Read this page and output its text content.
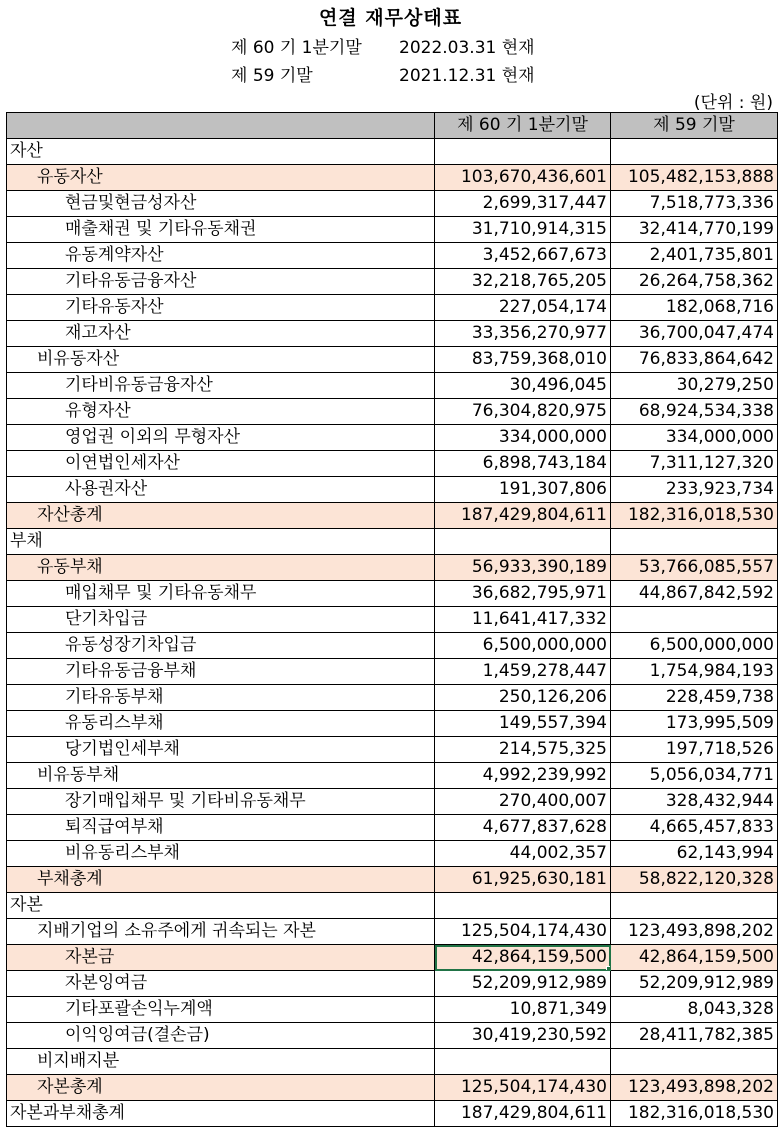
연결 재무상태표
제 60 기 1분기말 2022.03.31 현재
제 59 기말	2021.12.31 현재
(단위 : 원)
	제 60 기 1분기말	제 59 기말
자산		
유동자산	103,670,436,601	105,482,153,888
현금및현금성자산	2,699,317,447	7,518,773,336
매출채권 및 기타유동채권	31,710,914,315	32,414,770,199
유동계약자산	3,452,667,673	2,401,735,801
기타유동금융자산	32,218,765,205	26,264,758,362
기타유동자산	227,054,174	182,068,716
재고자산	33,356,270,977	36,700,047,474
비유동자산	83,759,368,010	76,833,864,642
기타비유동금융자산	30,496,045	30,279,250
유형자산	76,304,820,975	68,924,534,338
영업권 이외의 무형자산	334,000,000	334,000,000
이연법인세자산	6,898,743,184	7,311,127,320
사용권자산	191,307,806	233,923,734
자산총계	187,429,804,611	182,316,018,530
부채		
유동부채	56,933,390,189	53,766,085,557
매입채무 및 기타유동채무	36,682,795,971	44,867,842,592
단기차입금	11,641,417,332	
유동성장기차입금	6,500,000,000	6,500,000,000
기타유동금융부채	1,459,278,447	1,754,984,193
기타유동부채	250,126,206	228,459,738
유동리스부채	149,557,394	173,995,509
당기법인세부채	214,575,325	197,718,526
비유동부채	4,992,239,992	5,056,034,771
장기매입채무 및 기타비유동채무	270,400,007	328,432,944
퇴직급여부채	4,677,837,628	4,665,457,833
비유동리스부채	44,002,357	62,143,994
부채총계	61,925,630,181	58,822,120,328
자본		
지배기업의 소유주에게 귀속되는 자본	125,504,174,430	123,493,898,202
자본금	42,864,159,500	42,864,159,500
자본잉여금	52,209,912,989	52,209,912,989
기타포괄손익누계액	10,871,349	8,043,328
이익잉여금(결손금)	30,419,230,592	28,411,782,385
비지배지분		
자본총계	125,504,174,430	123,493,898,202
자본과부채총계	187,429,804,611	182,316,018,530
